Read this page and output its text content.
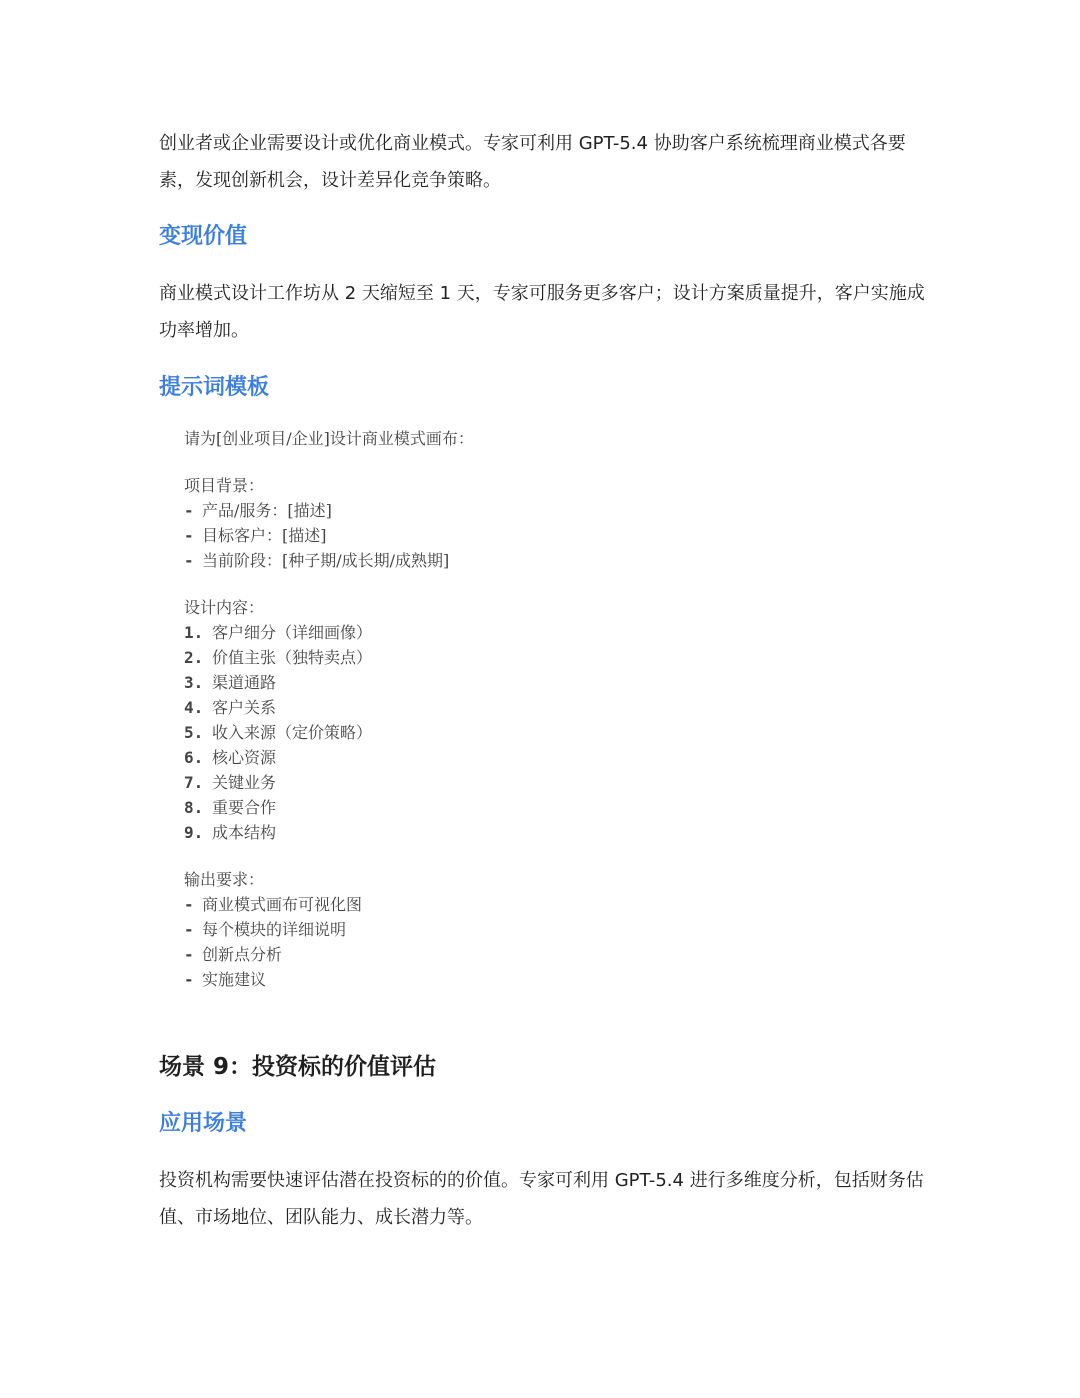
创业者或企业需要设计或优化商业模式。专家可利用 GPT-5.4 协助客户系统梳理商业模式各要素，发现创新机会，设计差异化竞争策略。

变现价值

商业模式设计工作坊从 2 天缩短至 1 天，专家可服务更多客户；设计方案质量提升，客户实施成功率增加。

提示词模板
请为[创业项目/企业]设计商业模式画布：
项目背景：
- 产品/服务：[描述]
- 目标客户：[描述]
- 当前阶段：[种子期/成长期/成熟期]
设计内容：
1. 客户细分（详细画像）
2. 价值主张（独特卖点）
3. 渠道通路
4. 客户关系
5. 收入来源（定价策略）
6. 核心资源
7. 关键业务
8. 重要合作
9. 成本结构
输出要求：
- 商业模式画布可视化图
- 每个模块的详细说明
- 创新点分析
- 实施建议
场景 9：投资标的价值评估
应用场景

投资机构需要快速评估潜在投资标的的价值。专家可利用 GPT-5.4 进行多维度分析，包括财务估值、市场地位、团队能力、成长潜力等。
